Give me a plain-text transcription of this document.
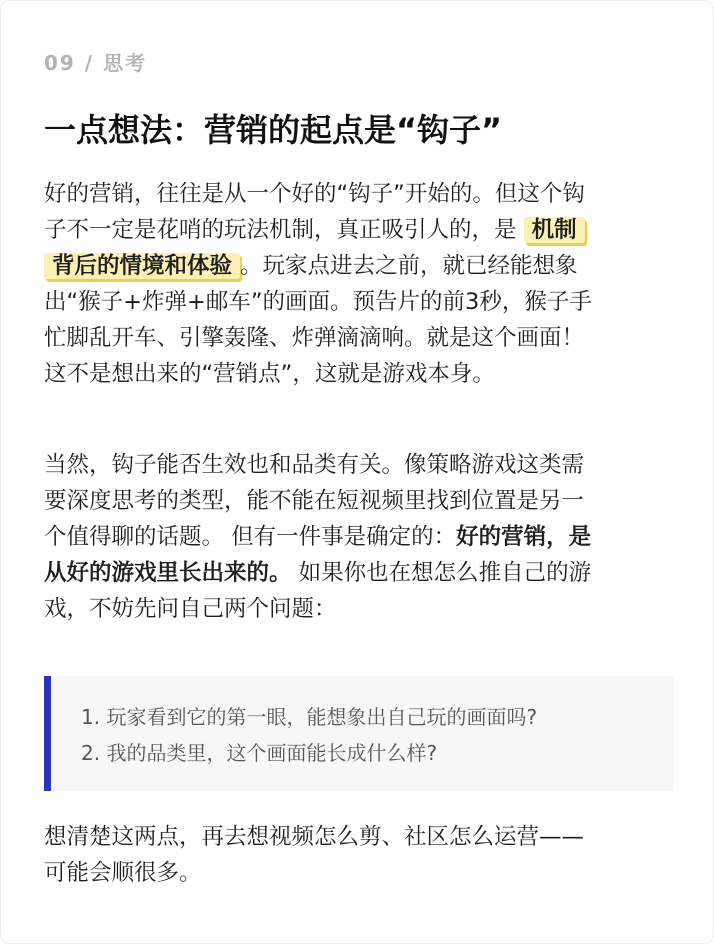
09 / 思考
一点想法：营销的起点是“钩子”
好的营销，往往是从一个好的“钩子”开始的。但这个钩
子不一定是花哨的玩法机制，真正吸引人的，是 机制
背后的情境和体验 。玩家点进去之前，就已经能想象
出“猴子+炸弹+邮车”的画面。预告片的前3秒，猴子手
忙脚乱开车、引擎轰隆、炸弹滴滴响。就是这个画面！
这不是想出来的“营销点”，这就是游戏本身。
当然，钩子能否生效也和品类有关。像策略游戏这类需
要深度思考的类型，能不能在短视频里找到位置是另一
个值得聊的话题。 但有一件事是确定的：好的营销，是
从好的游戏里长出来的。 如果你也在想怎么推自己的游
戏，不妨先问自己两个问题：
1. 玩家看到它的第一眼，能想象出自己玩的画面吗?
2. 我的品类里，这个画面能长成什么样?
想清楚这两点，再去想视频怎么剪、社区怎么运营——
可能会顺很多。
